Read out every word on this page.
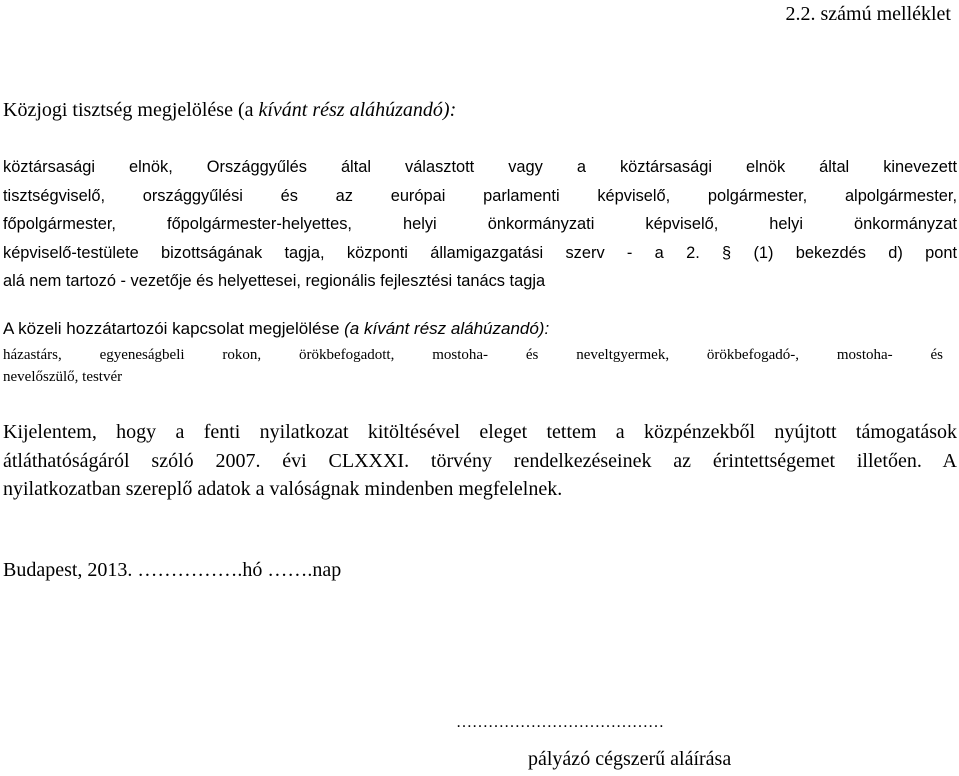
2.2. számú melléklet
Közjogi tisztség megjelölése (a kívánt rész aláhúzandó):
köztársasági elnök, Országgyűlés által választott vagy a köztársasági elnök által kinevezett
tisztségviselő, országgyűlési és az európai parlamenti képviselő, polgármester, alpolgármester,
főpolgármester, főpolgármester-helyettes, helyi önkormányzati képviselő, helyi önkormányzat
képviselő-testülete bizottságának tagja, központi államigazgatási szerv - a 2. § (1) bekezdés d) pont
alá nem tartozó - vezetője és helyettesei, regionális fejlesztési tanács tagja
A közeli hozzátartozói kapcsolat megjelölése (a kívánt rész aláhúzandó):
házastárs, egyeneságbeli rokon, örökbefogadott, mostoha- és neveltgyermek, örökbefogadó-, mostoha- és
nevelőszülő, testvér
Kijelentem, hogy a fenti nyilatkozat kitöltésével eleget tettem a közpénzekből nyújtott támogatások
átláthatóságáról szóló 2007. évi CLXXXI. törvény rendelkezéseinek az érintettségemet illetően. A
nyilatkozatban szereplő adatok a valóságnak mindenben megfelelnek.
Budapest, 2013. …………….hó …….nap
…………………………………
pályázó cégszerű aláírása
